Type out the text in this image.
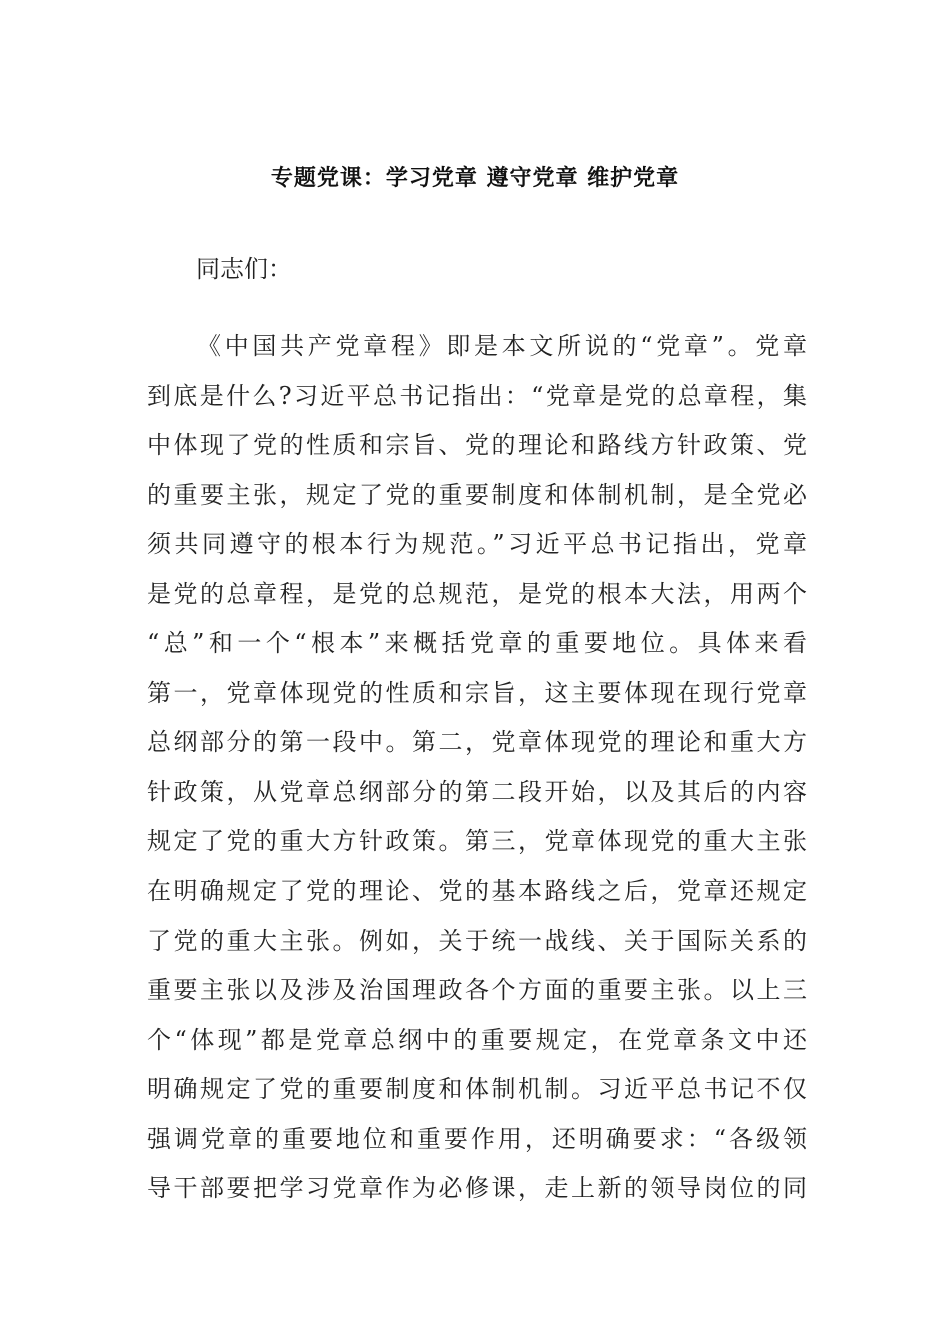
专题党课：学习党章 遵守党章 维护党章
同志们：
《中国共产党章程》即是本文所说的“党章”。党章
到底是什么?习近平总书记指出：“党章是党的总章程，集
中体现了党的性质和宗旨、党的理论和路线方针政策、党
的重要主张，规定了党的重要制度和体制机制，是全党必
须共同遵守的根本行为规范。”习近平总书记指出，党章
是党的总章程，是党的总规范，是党的根本大法，用两个
“总”和一个“根本”来概括党章的重要地位。具体来看
第一，党章体现党的性质和宗旨，这主要体现在现行党章
总纲部分的第一段中。第二，党章体现党的理论和重大方
针政策，从党章总纲部分的第二段开始，以及其后的内容
规定了党的重大方针政策。第三，党章体现党的重大主张
在明确规定了党的理论、党的基本路线之后，党章还规定
了党的重大主张。例如，关于统一战线、关于国际关系的
重要主张以及涉及治国理政各个方面的重要主张。以上三
个“体现”都是党章总纲中的重要规定，在党章条文中还
明确规定了党的重要制度和体制机制。习近平总书记不仅
强调党章的重要地位和重要作用，还明确要求：“各级领
导干部要把学习党章作为必修课，走上新的领导岗位的同
